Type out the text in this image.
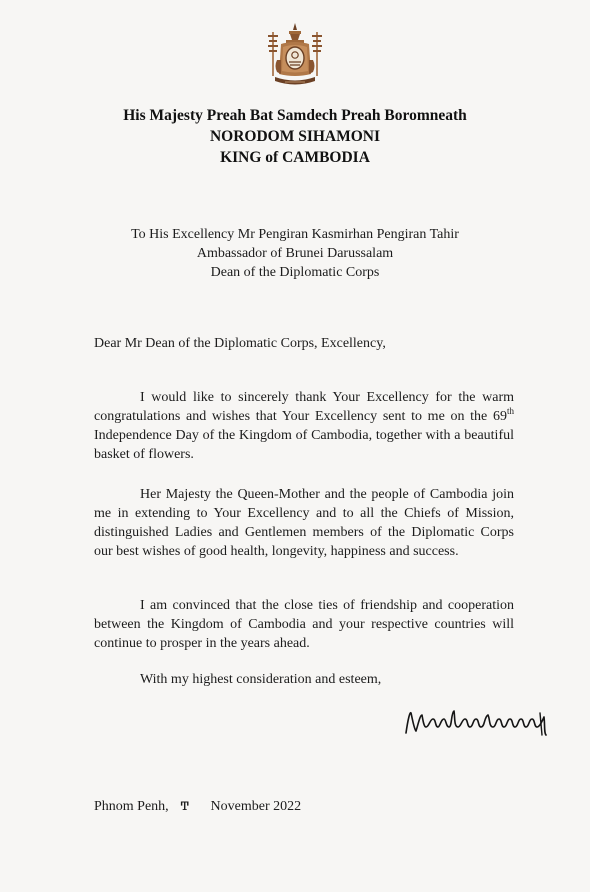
His Majesty Preah Bat Samdech Preah Boromneath
NORODOM SIHAMONI
KING of CAMBODIA
To His Excellency Mr Pengiran Kasmirhan Pengiran Tahir
Ambassador of Brunei Darussalam
Dean of the Diplomatic Corps
Dear Mr Dean of the Diplomatic Corps, Excellency,

I would like to sincerely thank Your Excellency for the warm congratulations and wishes that Your Excellency sent to me on the 69th Independence Day of the Kingdom of Cambodia, together with a beautiful basket of flowers.

Her Majesty the Queen-Mother and the people of Cambodia join me in extending to Your Excellency and to all the Chiefs of Mission, distinguished Ladies and Gentlemen members of the Diplomatic Corps our best wishes of good health, longevity, happiness and success.

I am convinced that the close ties of friendship and cooperation between the Kingdom of Cambodia and your respective countries will continue to prosper in the years ahead.

With my highest consideration and esteem,
Phnom Penh, ͳ November 2022
